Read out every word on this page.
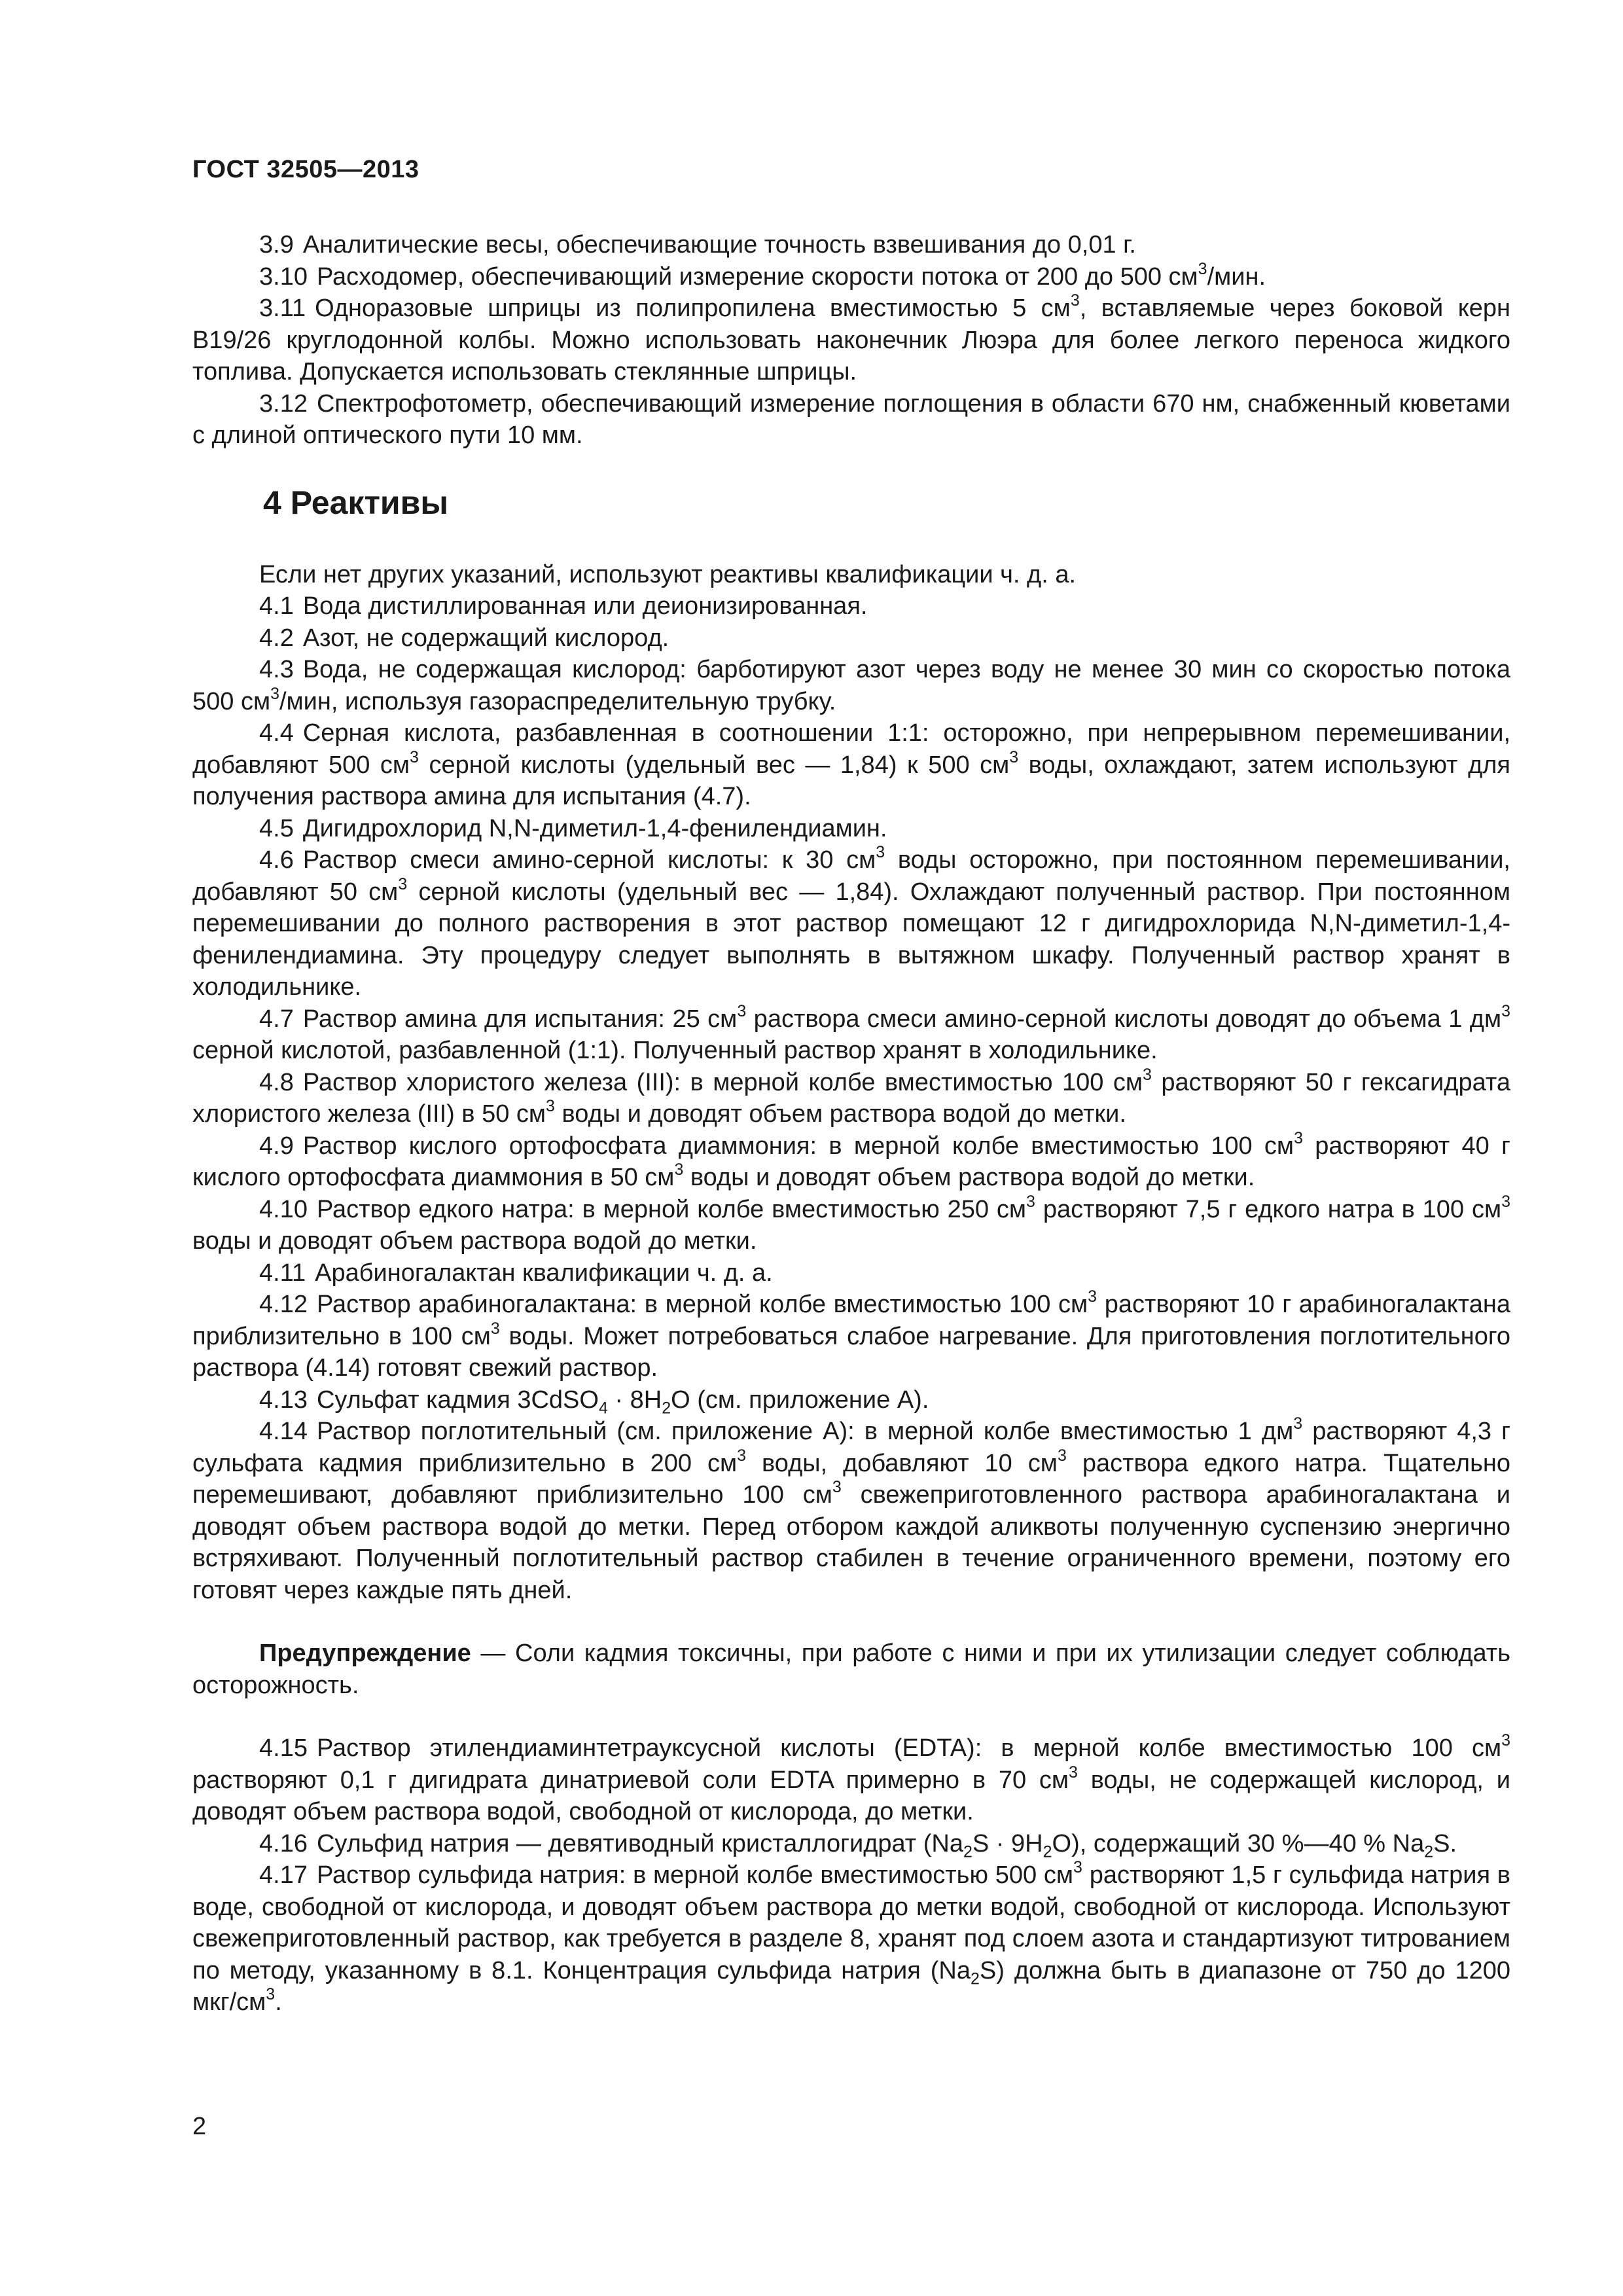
ГОСТ 32505—2013

3.9 Аналитические весы, обеспечивающие точность взвешивания до 0,01 г.

3.10 Расходомер, обеспечивающий измерение скорости потока от 200 до 500 $см^3$/мин.

3.11 Одноразовые шприцы из полипропилена вместимостью 5 $см^3$, вставляемые через боковой керн B19/26 круглодонной колбы. Можно использовать наконечник Люэра для более легкого переноса жидкого топлива. Допускается использовать стеклянные шприцы.

3.12 Спектрофотометр, обеспечивающий измерение поглощения в области 670 нм, снабженный кюветами с длиной оптического пути 10 мм.

4 Реактивы

Если нет других указаний, используют реактивы квалификации ч. д. а.

4.1 Вода дистиллированная или деионизированная.

4.2 Азот, не содержащий кислород.

4.3 Вода, не содержащая кислород: барботируют азот через воду не менее 30 мин со скоростью потока 500 $см^3$/мин, используя газораспределительную трубку.

4.4 Серная кислота, разбавленная в соотношении 1:1: осторожно, при непрерывном перемешивании, добавляют 500 $см^3$ серной кислоты (удельный вес — 1,84) к 500 $см^3$ воды, охлаждают, затем используют для получения раствора амина для испытания (4.7).

4.5 Дигидрохлорид N,N-диметил-1,4-фенилендиамин.

4.6 Раствор смеси амино-серной кислоты: к 30 $см^3$ воды осторожно, при постоянном перемешивании, добавляют 50 $см^3$ серной кислоты (удельный вес — 1,84). Охлаждают полученный раствор. При постоянном перемешивании до полного растворения в этот раствор помещают 12 г дигидрохлорида N,N-диметил-1,4-фенилендиамина. Эту процедуру следует выполнять в вытяжном шкафу. Полученный раствор хранят в холодильнике.

4.7 Раствор амина для испытания: 25 $см^3$ раствора смеси амино-серной кислоты доводят до объема 1 $дм^3$ серной кислотой, разбавленной (1:1). Полученный раствор хранят в холодильнике.

4.8 Раствор хлористого железа (III): в мерной колбе вместимостью 100 $см^3$ растворяют 50 г гексагидрата хлористого железа (III) в 50 $см^3$ воды и доводят объем раствора водой до метки.

4.9 Раствор кислого ортофосфата диаммония: в мерной колбе вместимостью 100 $см^3$ растворяют 40 г кислого ортофосфата диаммония в 50 $см^3$ воды и доводят объем раствора водой до метки.

4.10 Раствор едкого натра: в мерной колбе вместимостью 250 $см^3$ растворяют 7,5 г едкого натра в 100 $см^3$ воды и доводят объем раствора водой до метки.

4.11 Арабиногалактан квалификации ч. д. а.

4.12 Раствор арабиногалактана: в мерной колбе вместимостью 100 $см^3$ растворяют 10 г арабиногалактана приблизительно в 100 $см^3$ воды. Может потребоваться слабое нагревание. Для приготовления поглотительного раствора (4.14) готовят свежий раствор.

4.13 Сульфат кадмия 3CdSO$_4$ · $8H_2O$ (см. приложение А).

4.14 Раствор поглотительный (см. приложение А): в мерной колбе вместимостью 1 $дм^3$ растворяют 4,3 г сульфата кадмия приблизительно в 200 $см^3$ воды, добавляют 10 $см^3$ раствора едкого натра. Тщательно перемешивают, добавляют приблизительно 100 $см^3$ свежеприготовленного раствора арабиногалактана и доводят объем раствора водой до метки. Перед отбором каждой аликвоты полученную суспензию энергично встряхивают. Полученный поглотительный раствор стабилен в течение ограниченного времени, поэтому его готовят через каждые пять дней.

Предупреждение — Соли кадмия токсичны, при работе с ними и при их утилизации следует соблюдать осторожность.

4.15 Раствор этилендиаминтетрауксусной кислоты (EDTA): в мерной колбе вместимостью 100 $см^3$ растворяют 0,1 г дигидрата динатриевой соли EDTA примерно в 70 $см^3$ воды, не содержащей кислород, и доводят объем раствора водой, свободной от кислорода, до метки.

4.16 Сульфид натрия — девятиводный кристаллогидрат $(Na_2S \cdot 9H_2O)$, содержащий 30 %—40 % $Na_2S$.

4.17 Раствор сульфида натрия: в мерной колбе вместимостью 500 $см^3$ растворяют 1,5 г сульфида натрия в воде, свободной от кислорода, и доводят объем раствора до метки водой, свободной от кислорода. Используют свежеприготовленный раствор, как требуется в разделе 8, хранят под слоем азота и стандартизуют титрованием по методу, указанному в 8.1. Концентрация сульфида натрия $(Na_2S)$ должна быть в диапазоне от 750 до 1200 мкг/$см^3$.

2
